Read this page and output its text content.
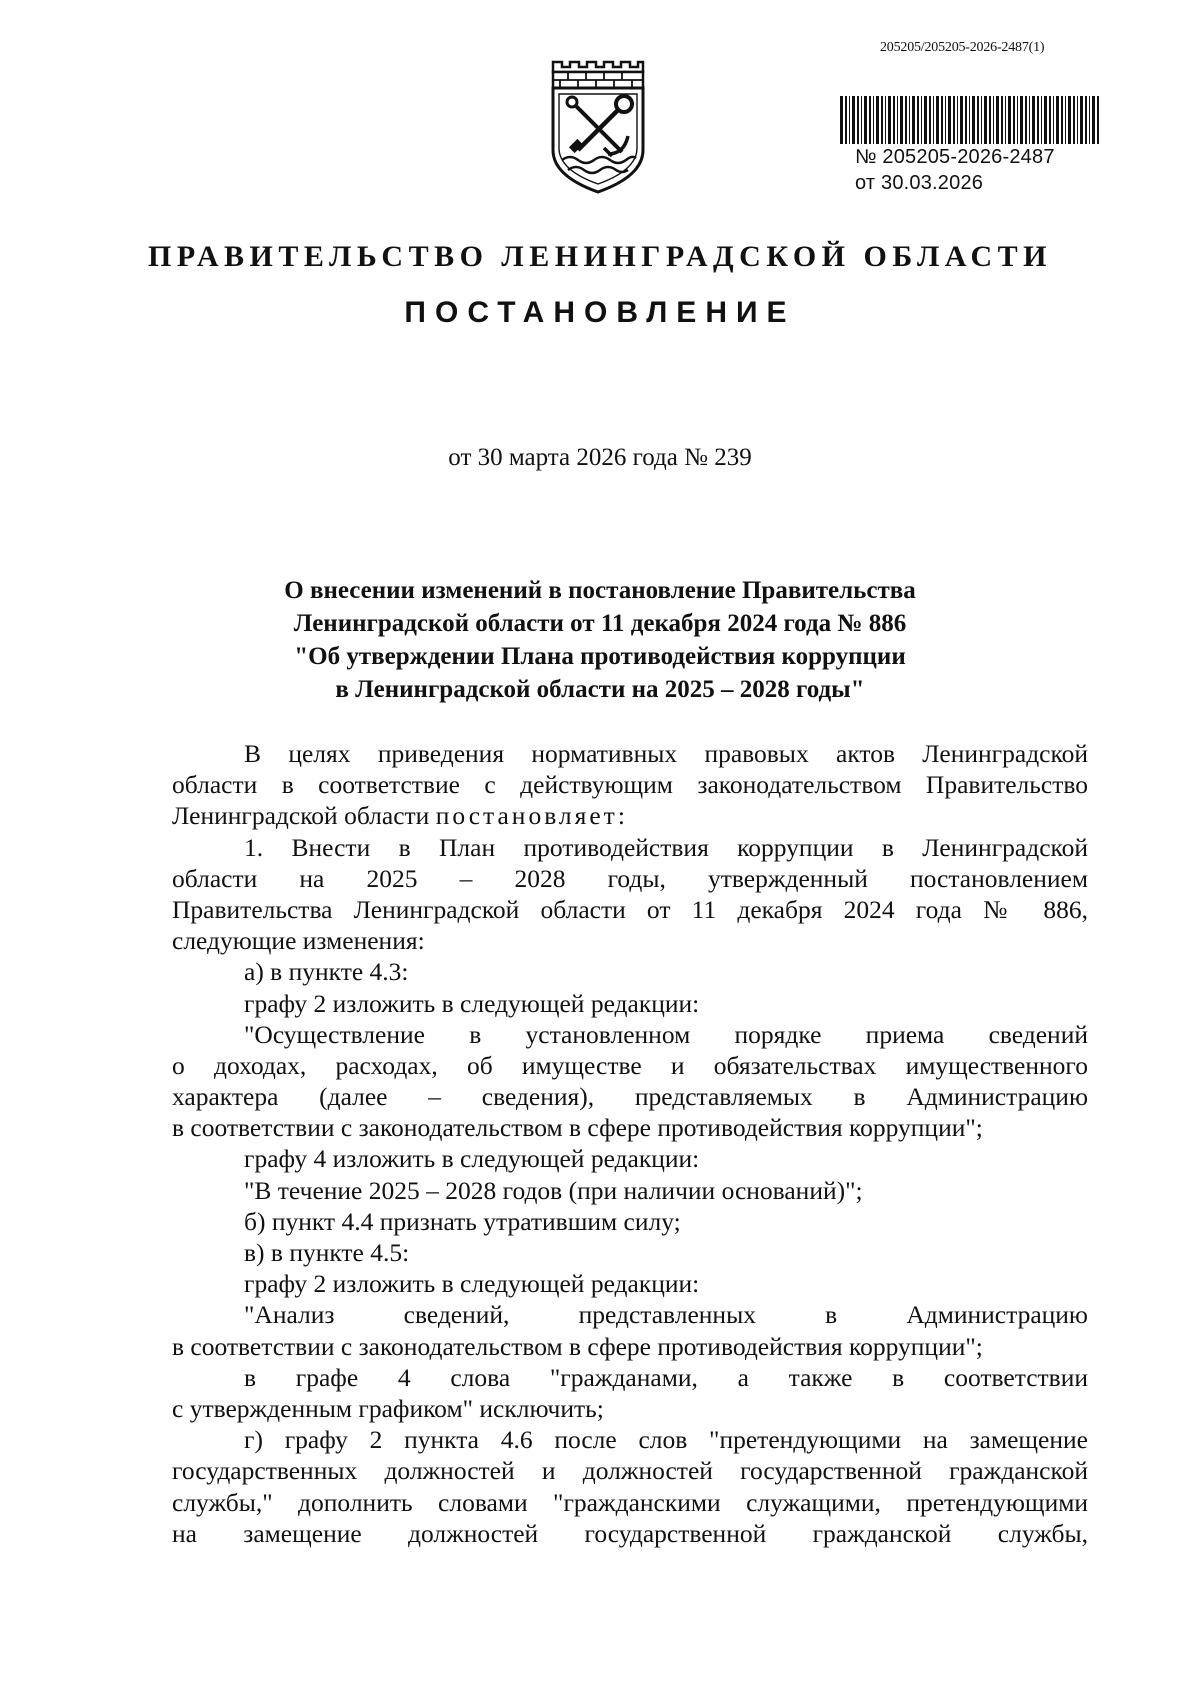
205205/205205-2026-2487(1)
№ 205205-2026-2487
от 30.03.2026
ПРАВИТЕЛЬСТВО ЛЕНИНГРАДСКОЙ ОБЛАСТИ
ПОСТАНОВЛЕНИЕ
от 30 марта 2026 года № 239
О внесении изменений в постановление Правительства
Ленинградской области от 11 декабря 2024 года № 886
"Об утверждении Плана противодействия коррупции
в Ленинградской области на 2025 – 2028 годы"
В целях приведения нормативных правовых актов Ленинградской
области в соответствие с действующим законодательством Правительство
Ленинградской области постановляет:
1. Внести в План противодействия коррупции в Ленинградской
области на 2025 – 2028 годы, утвержденный постановлением
Правительства Ленинградской области от 11 декабря 2024 года № 886,
следующие изменения:
а) в пункте 4.3:
графу 2 изложить в следующей редакции:
"Осуществление в установленном порядке приема сведений
о доходах, расходах, об имуществе и обязательствах имущественного
характера (далее – сведения), представляемых в Администрацию
в соответствии с законодательством в сфере противодействия коррупции";
графу 4 изложить в следующей редакции:
"В течение 2025 – 2028 годов (при наличии оснований)";
б) пункт 4.4 признать утратившим силу;
в) в пункте 4.5:
графу 2 изложить в следующей редакции:
"Анализ сведений, представленных в Администрацию
в соответствии с законодательством в сфере противодействия коррупции";
в графе 4 слова "гражданами, а также в соответствии
с утвержденным графиком" исключить;
г) графу 2 пункта 4.6 после слов "претендующими на замещение
государственных должностей и должностей государственной гражданской
службы," дополнить словами "гражданскими служащими, претендующими
на замещение должностей государственной гражданской службы,
